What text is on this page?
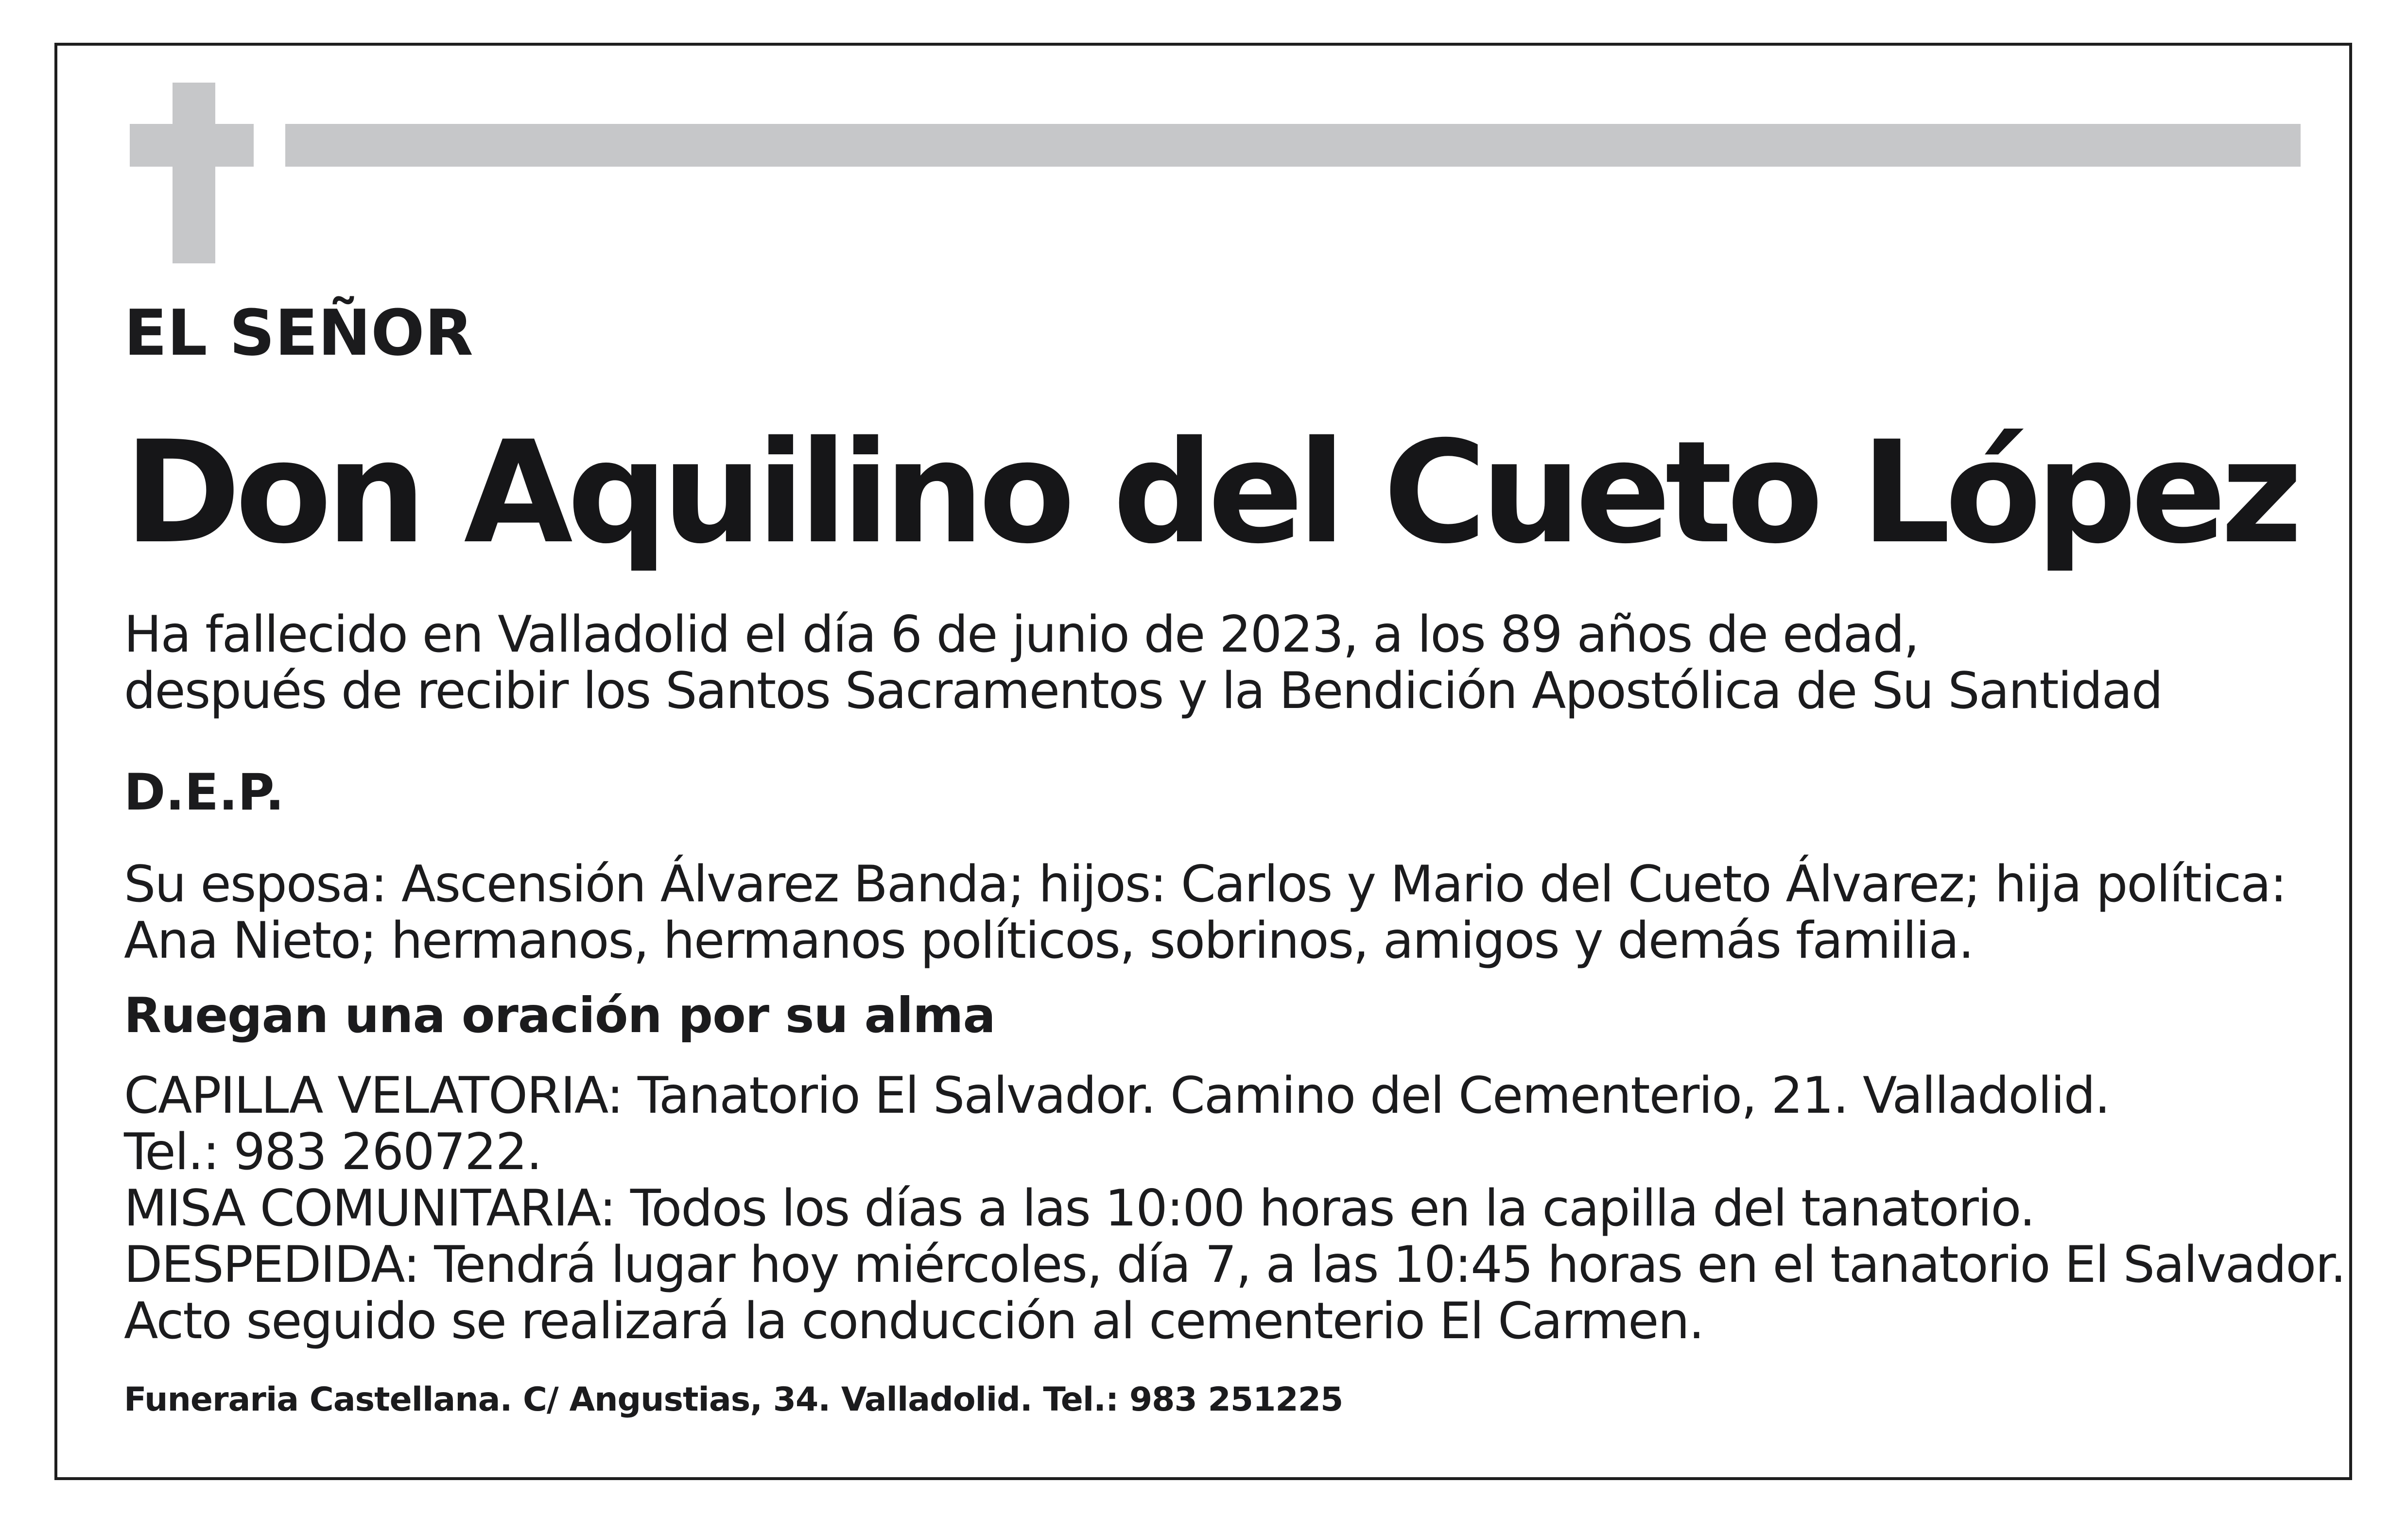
EL SEÑOR
Don Aquilino del Cueto López
Ha fallecido en Valladolid el día 6 de junio de 2023, a los 89 años de edad,
después de recibir los Santos Sacramentos y la Bendición Apostólica de Su Santidad
D.E.P.
Su esposa: Ascensión Álvarez Banda; hijos: Carlos y Mario del Cueto Álvarez; hija política:
Ana Nieto; hermanos, hermanos políticos, sobrinos, amigos y demás familia.
Ruegan una oración por su alma
CAPILLA VELATORIA: Tanatorio El Salvador. Camino del Cementerio, 21. Valladolid.
Tel.: 983 260722.
MISA COMUNITARIA: Todos los días a las 10:00 horas en la capilla del tanatorio.
DESPEDIDA: Tendrá lugar hoy miércoles, día 7, a las 10:45 horas en el tanatorio El Salvador.
Acto seguido se realizará la conducción al cementerio El Carmen.
Funeraria Castellana. C/ Angustias, 34. Valladolid. Tel.: 983 251225
